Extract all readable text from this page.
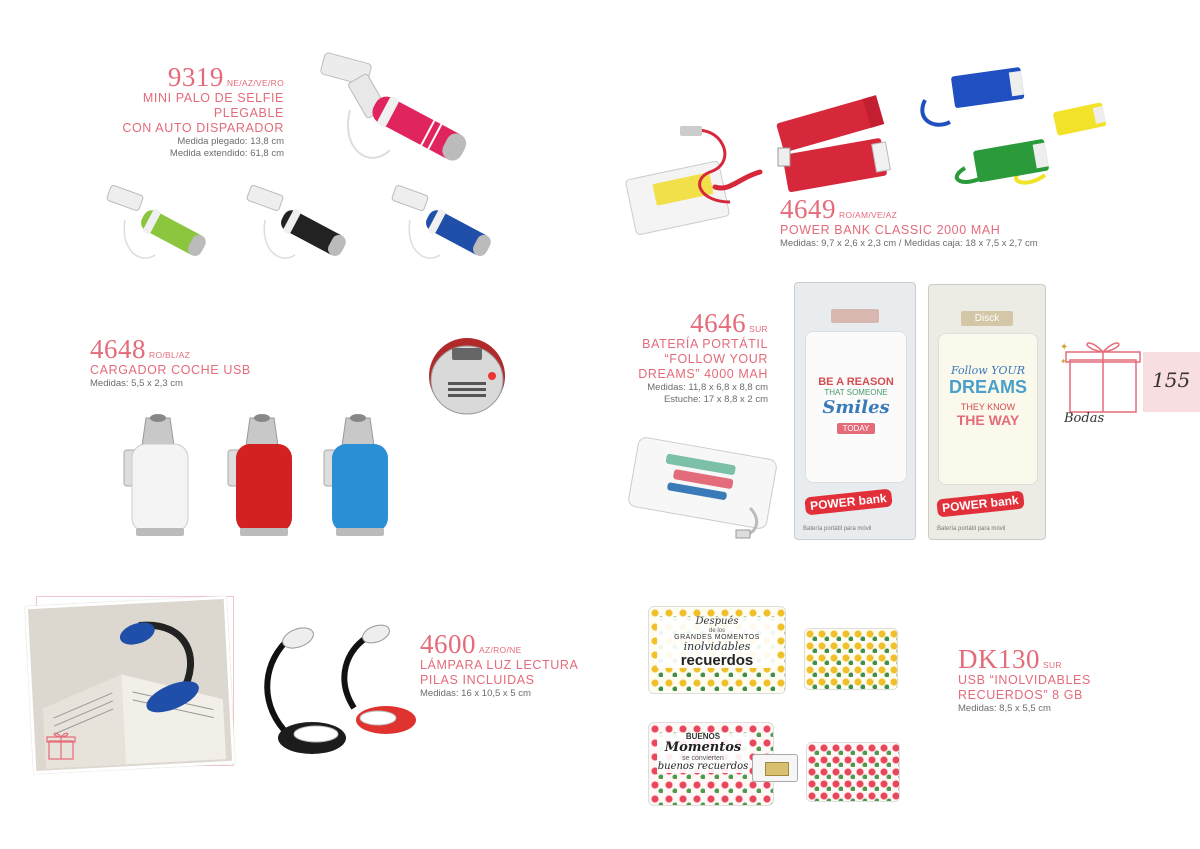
9319 NE/AZ/VE/RO
MINI PALO DE SELFIE PLEGABLE
CON AUTO DISPARADOR
Medida plegado: 13,8 cm
Medida extendido: 61,8 cm
4649 RO/AM/VE/AZ
POWER BANK CLASSIC 2000 MAH
Medidas: 9,7 x 2,6 x 2,3 cm / Medidas caja: 18 x 7,5 x 2,7 cm
4648 RO/BL/AZ
CARGADOR COCHE USB
Medidas: 5,5 x 2,3 cm
4646 SUR
BATERÍA PORTÁTIL
“FOLLOW YOUR
DREAMS” 4000 MAH
Medidas: 11,8 x 6,8 x 8,8 cm
Estuche: 17 x 8,8 x 2 cm
BE A REASON
THAT SOMEONE
Smiles
TODAY
POWER bank
Batería portátil para móvil
Disck
Follow YOUR
DREAMS
THEY KNOW
THE WAY
POWER bank
Batería portátil para móvil
✦
✦
155
Bodas
4600 AZ/RO/NE
LÁMPARA LUZ LECTURA
PILAS INCLUIDAS
Medidas: 16 x 10,5 x 5 cm
Después
de los
GRANDES MOMENTOS
inolvidables
recuerdos
BUENOS
Momentos
se convierten
buenos recuerdos
DK130 SUR
USB “INOLVIDABLES
RECUERDOS” 8 GB
Medidas: 8,5 x 5,5 cm
